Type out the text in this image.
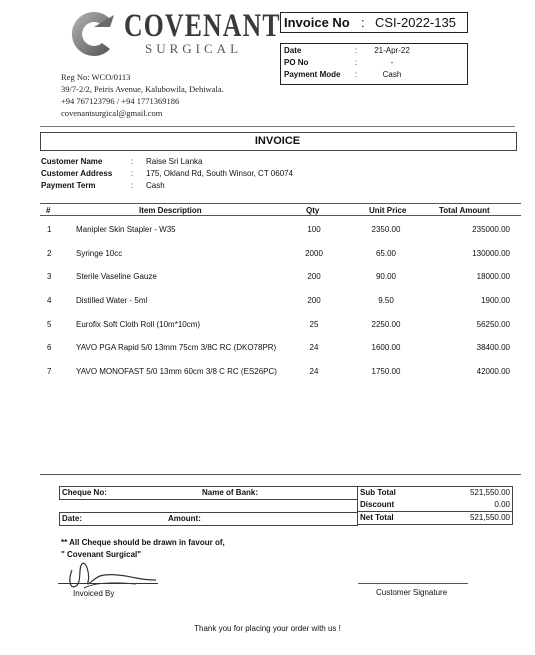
COVENANT
SURGICAL
Reg No: WCO/0113
39/7-2/2, Peiris Avenue, Kalubowila, Dehiwala.
+94 767123796 / +94 1771369186
covenantsurgical@gmail.com
Invoice No : CSI-2022-135
Date	: 21-Apr-22
PO No	:	-
Payment Mode :	Cash
INVOICE
Customer Name	: Raise Sri Lanka
Customer Address : 175, Okland Rd, South Winsor, CT 06074
Payment Term	: Cash
#	Item Description	Qty	Unit Price	Total Amount
1	Manipler Skin Stapler - W35	100	2350.00	235000.00
2	Syringe 10cc	2000	65.00	130000.00
3	Sterile Vaseline Gauze	200	90.00	18000.00
4	Distilled Water - 5ml	200	9.50	1900.00
5	Eurofix Soft Cloth Roll (10m*10cm)	25	2250.00	56250.00
6	YAVO PGA Rapid 5/0 13mm 75cm 3/8C RC (DKO78PR)	24	1600.00	38400.00
7	YAVO MONOFAST 5/0 13mm 60cm 3/8 C RC (ES26PC)	24	1750.00	42000.00
Cheque No:	Name of Bank:
Date:	Amount:
Sub Total	521,550.00
Discount	0.00
Net Total	521,550.00
** All Cheque should be drawn in favour of,
" Covenant Surgical"
Invoiced By	Customer Signature
Thank you for placing your order with us !
